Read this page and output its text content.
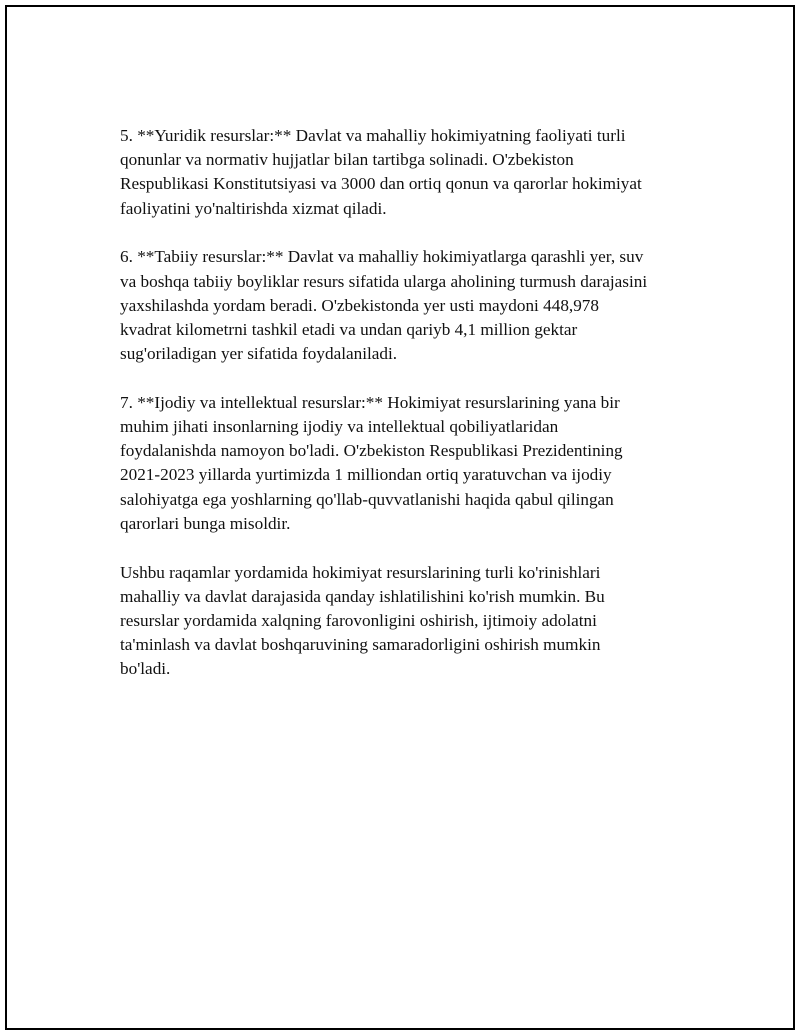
5. **Yuridik resurslar:** Davlat va mahalliy hokimiyatning faoliyati turli
qonunlar va normativ hujjatlar bilan tartibga solinadi. O'zbekiston
Respublikasi Konstitutsiyasi va 3000 dan ortiq qonun va qarorlar hokimiyat
faoliyatini yo'naltirishda xizmat qiladi.

6. **Tabiiy resurslar:** Davlat va mahalliy hokimiyatlarga qarashli yer, suv
va boshqa tabiiy boyliklar resurs sifatida ularga aholining turmush darajasini
yaxshilashda yordam beradi. O'zbekistonda yer usti maydoni 448,978
kvadrat kilometrni tashkil etadi va undan qariyb 4,1 million gektar
sug'oriladigan yer sifatida foydalaniladi.

7. **Ijodiy va intellektual resurslar:** Hokimiyat resurslarining yana bir
muhim jihati insonlarning ijodiy va intellektual qobiliyatlaridan
foydalanishda namoyon bo'ladi. O'zbekiston Respublikasi Prezidentining
2021-2023 yillarda yurtimizda 1 milliondan ortiq yaratuvchan va ijodiy
salohiyatga ega yoshlarning qo'llab-quvvatlanishi haqida qabul qilingan
qarorlari bunga misoldir.

Ushbu raqamlar yordamida hokimiyat resurslarining turli ko'rinishlari
mahalliy va davlat darajasida qanday ishlatilishini ko'rish mumkin. Bu
resurslar yordamida xalqning farovonligini oshirish, ijtimoiy adolatni
ta'minlash va davlat boshqaruvining samaradorligini oshirish mumkin
bo'ladi.
